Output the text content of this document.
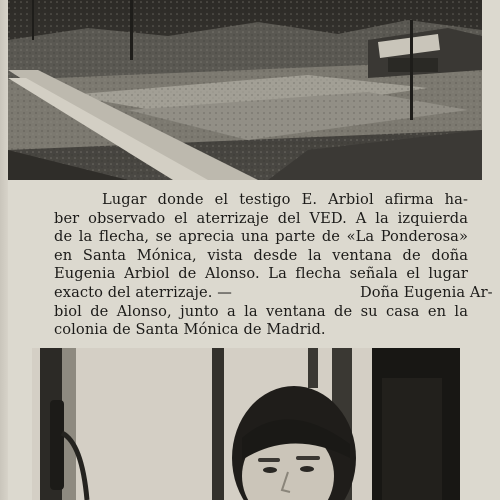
Lugar donde el testigo E. Arbiol afirma ha-
ber observado el aterrizaje del VED. A la izquierda
de la flecha, se aprecia una parte de «La Ponderosa»
en Santa Mónica, vista desde la ventana de doña
Eugenia Arbiol de Alonso. La flecha señala el lugar
exacto del aterrizaje. —	Doña Eugenia Ar-
biol de Alonso, junto a la ventana de su casa en la
colonia de Santa Mónica de Madrid.
